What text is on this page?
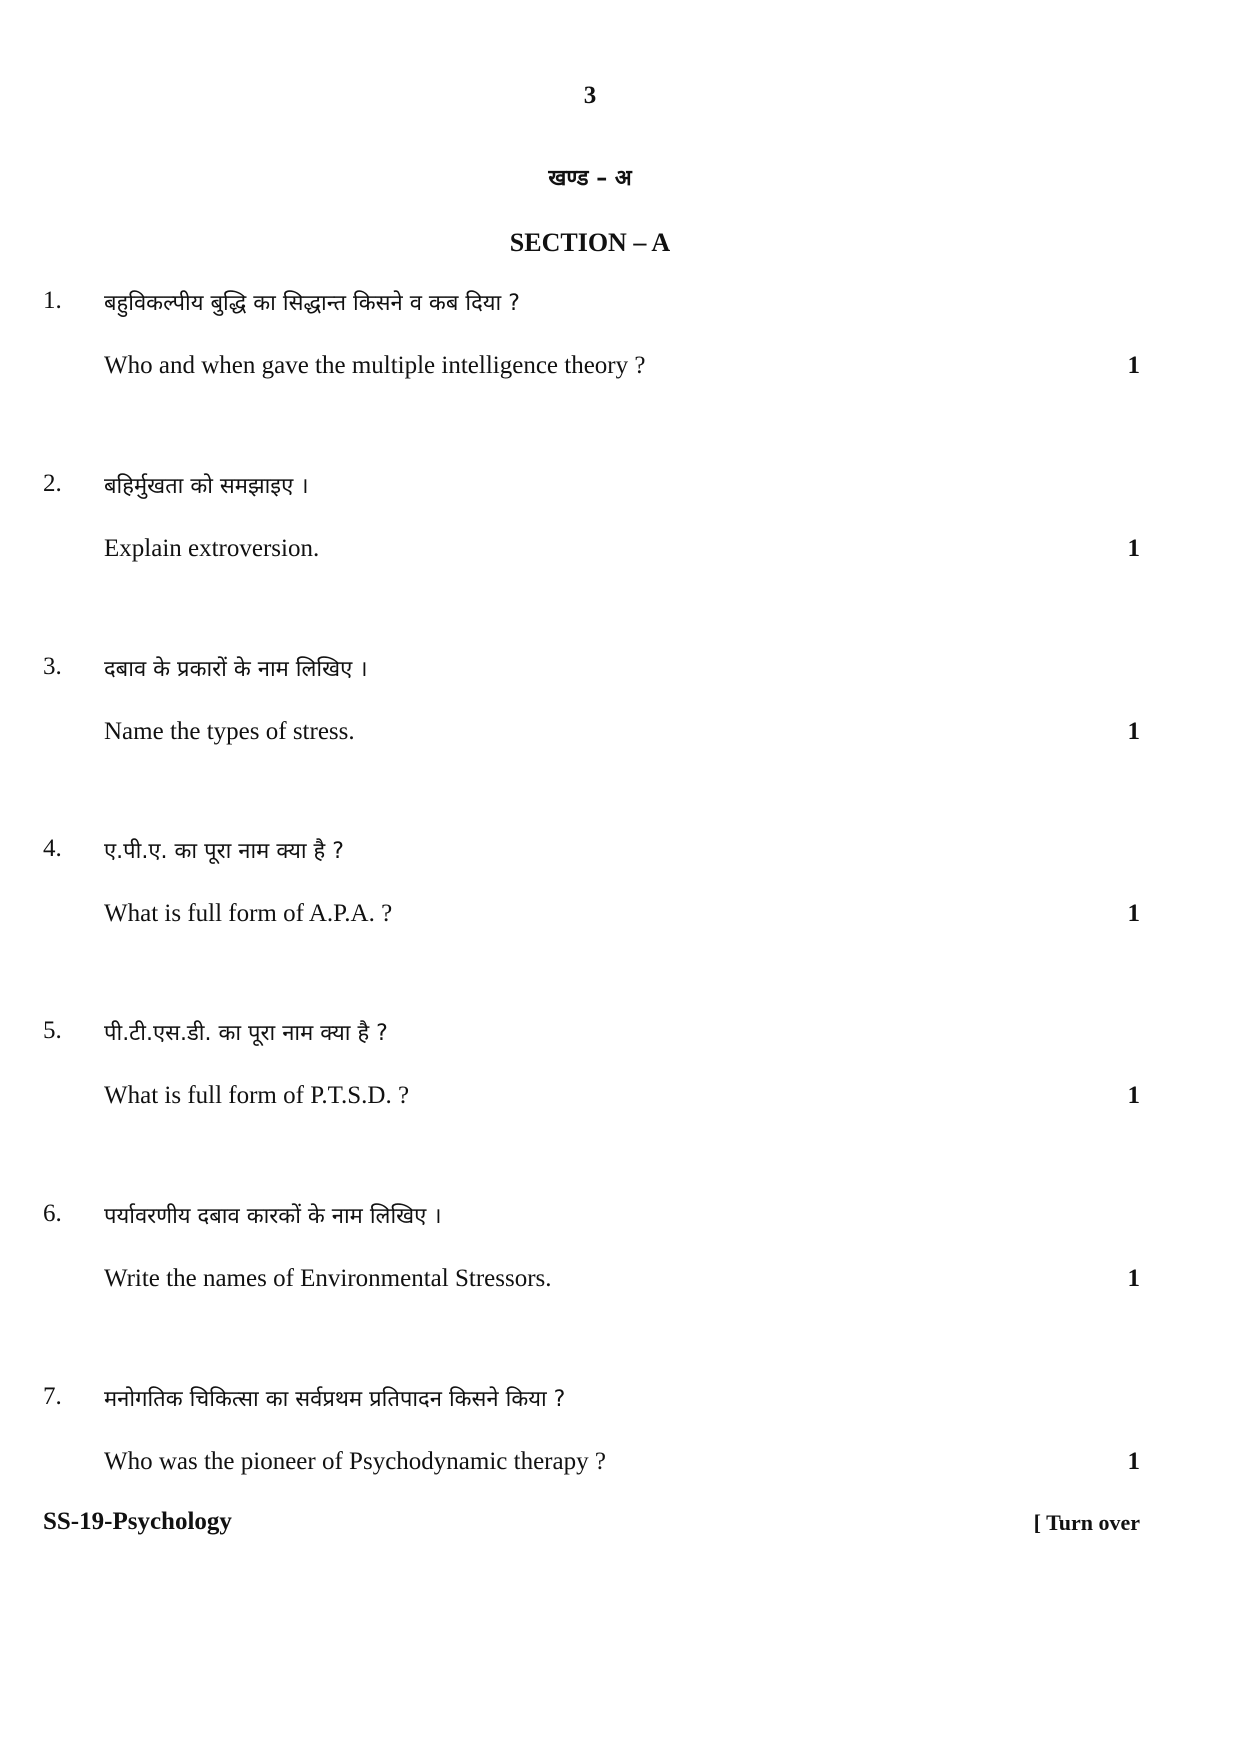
3
खण्ड – अ
SECTION – A
1. बहुविकल्पीय बुद्धि का सिद्धान्त किसने व कब दिया ?
Who and when gave the multiple intelligence theory ?	1
2. बहिर्मुखता को समझाइए ।
Explain extroversion.	1
3. दबाव के प्रकारों के नाम लिखिए ।
Name the types of stress.	1
4. ए.पी.ए. का पूरा नाम क्या है ?
What is full form of A.P.A. ?	1
5. पी.टी.एस.डी. का पूरा नाम क्या है ?
What is full form of P.T.S.D. ?	1
6. पर्यावरणीय दबाव कारकों के नाम लिखिए ।
Write the names of Environmental Stressors.	1
7. मनोगतिक चिकित्सा का सर्वप्रथम प्रतिपादन किसने किया ?
Who was the pioneer of Psychodynamic therapy ?	1
SS-19-Psychology	[ Turn over
